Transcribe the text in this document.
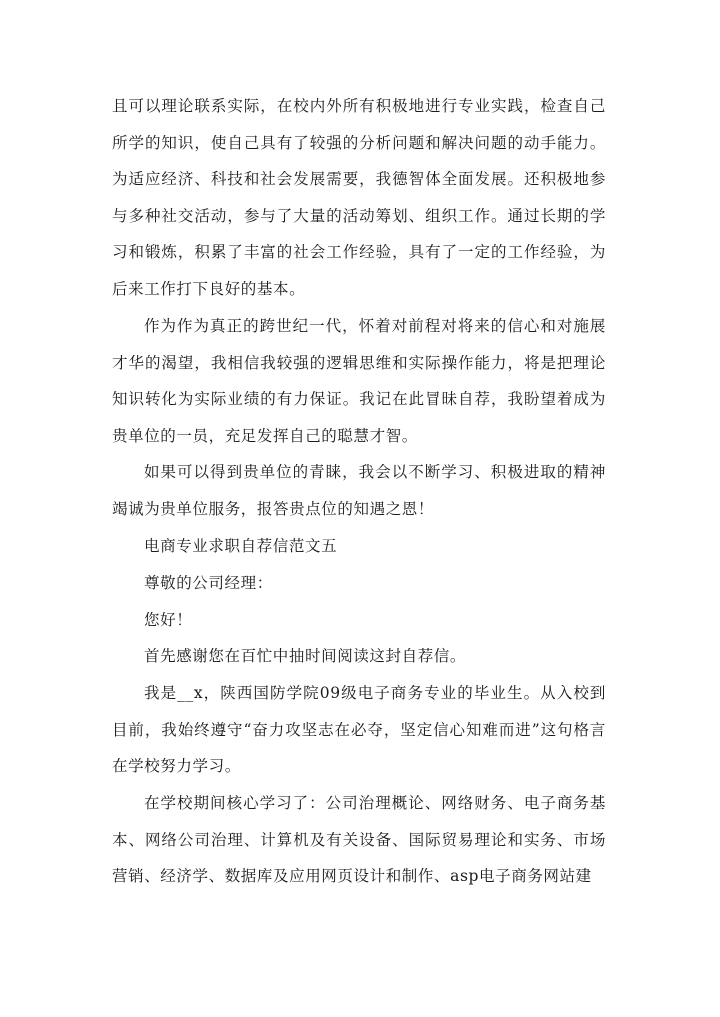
且可以理论联系实际，在校内外所有积极地进行专业实践，检查自己所学的知识，使自己具有了较强的分析问题和解决问题的动手能力。为适应经济、科技和社会发展需要，我德智体全面发展。还积极地参与多种社交活动，参与了大量的活动筹划、组织工作。通过长期的学习和锻炼，积累了丰富的社会工作经验，具有了一定的工作经验，为后来工作打下良好的基本。

作为作为真正的跨世纪一代，怀着对前程对将来的信心和对施展才华的渴望，我相信我较强的逻辑思维和实际操作能力，将是把理论知识转化为实际业绩的有力保证。我记在此冒昧自荐，我盼望着成为贵单位的一员，充足发挥自己的聪慧才智。

如果可以得到贵单位的青睐，我会以不断学习、积极进取的精神竭诚为贵单位服务，报答贵点位的知遇之恩！

电商专业求职自荐信范文五

尊敬的公司经理：

您好！

首先感谢您在百忙中抽时间阅读这封自荐信。

我是__x，陕西国防学院09级电子商务专业的毕业生。从入校到目前，我始终遵守“奋力攻坚志在必夺，坚定信心知难而进”这句格言在学校努力学习。

在学校期间核心学习了：公司治理概论、网络财务、电子商务基本、网络公司治理、计算机及有关设备、国际贸易理论和实务、市场营销、经济学、数据库及应用网页设计和制作、asp电子商务网站建
